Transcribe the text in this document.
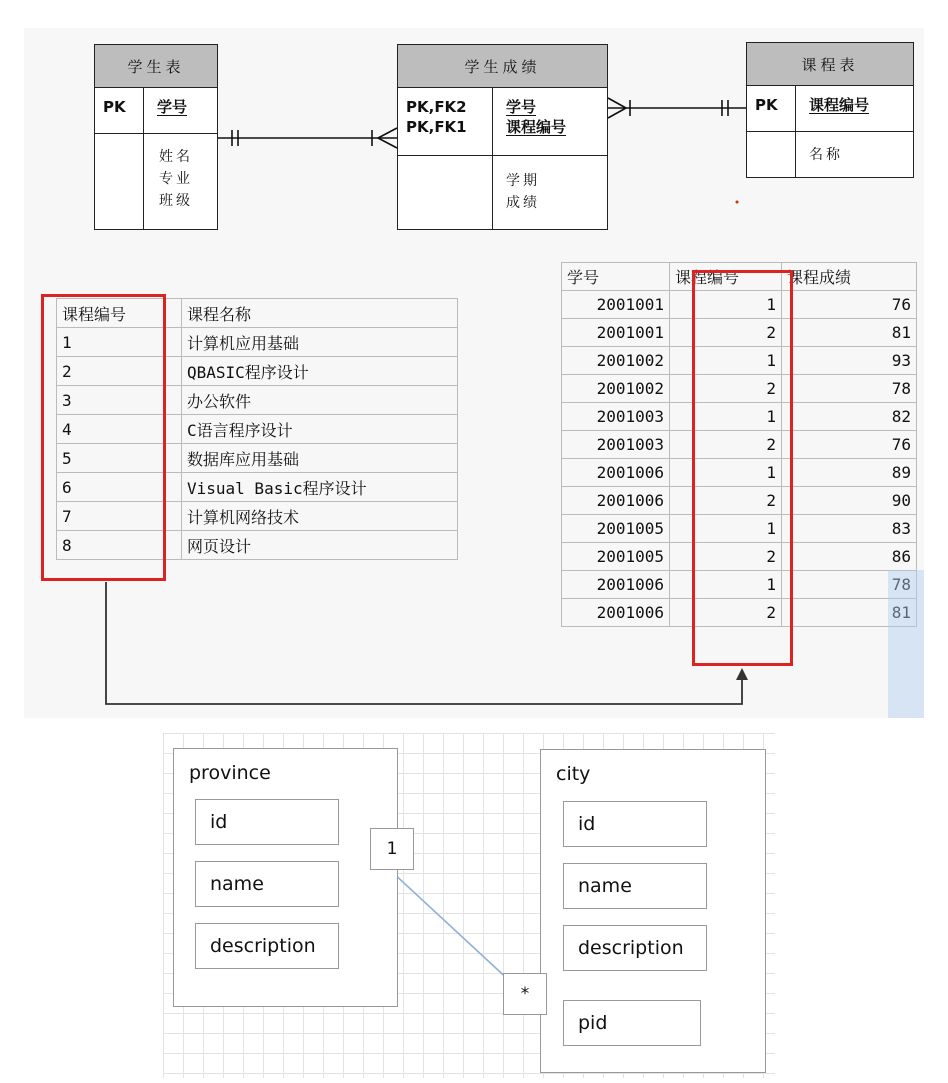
学生表
PK 学号
姓名
专业
班级
学生成绩
PK,FK2
PK,FK1
学号
课程编号
学期
成绩
课程表
PK 课程编号
名称
课程编号	课程名称
1	计算机应用基础
2	QBASIC程序设计
3	办公软件
4	C语言程序设计
5	数据库应用基础
6	Visual Basic程序设计
7	计算机网络技术
8	网页设计
学号	课程编号	课程成绩
2001001	1	76
2001001	2	81
2001002	1	93
2001002	2	78
2001003	1	82
2001003	2	76
2001006	1	89
2001006	2	90
2001005	1	83
2001005	2	86
2001006	1	78
2001006	2	81
province
id
name
description
city
id
name
description
pid
1
*
